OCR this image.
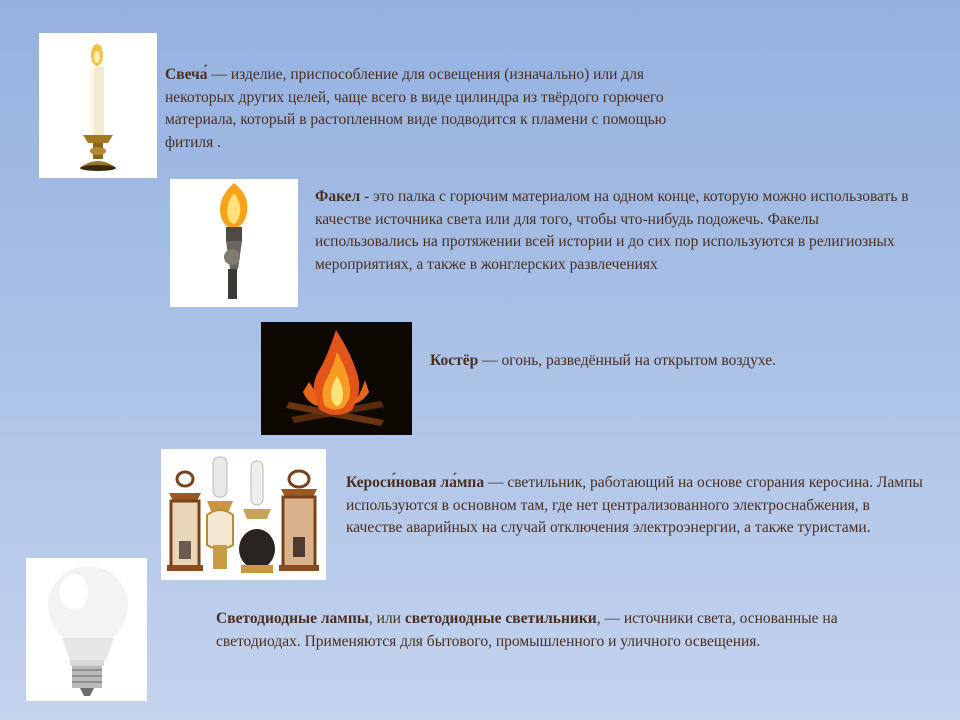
Свеча́ — изделие, приспособление для освещения (изначально) или для некоторых других целей, чаще всего в виде цилиндра из твёрдого горючего материала, который в растопленном виде подводится к пламени с помощью фитиля .
Факел - это палка с горючим материалом на одном конце, которую можно использовать в качестве источника света или для того, чтобы что-нибудь подожечь. Факелы использовались на протяжении всей истории и до сих пор используются в религиозных мероприятиях, а также в жонглерских развлечениях
Костёр — огонь, разведённый на открытом воздухе.
Кероси́новая ла́мпа — светильник, работающий на основе сгорания керосина. Лампы используются в основном там, где нет централизованного электроснабжения, в качестве аварийных на случай отключения электроэнергии, а также туристами.
Светодиодные лампы, или светодиодные светильники, — источники света, основанные на светодиодах. Применяются для бытового, промышленного и уличного освещения.
